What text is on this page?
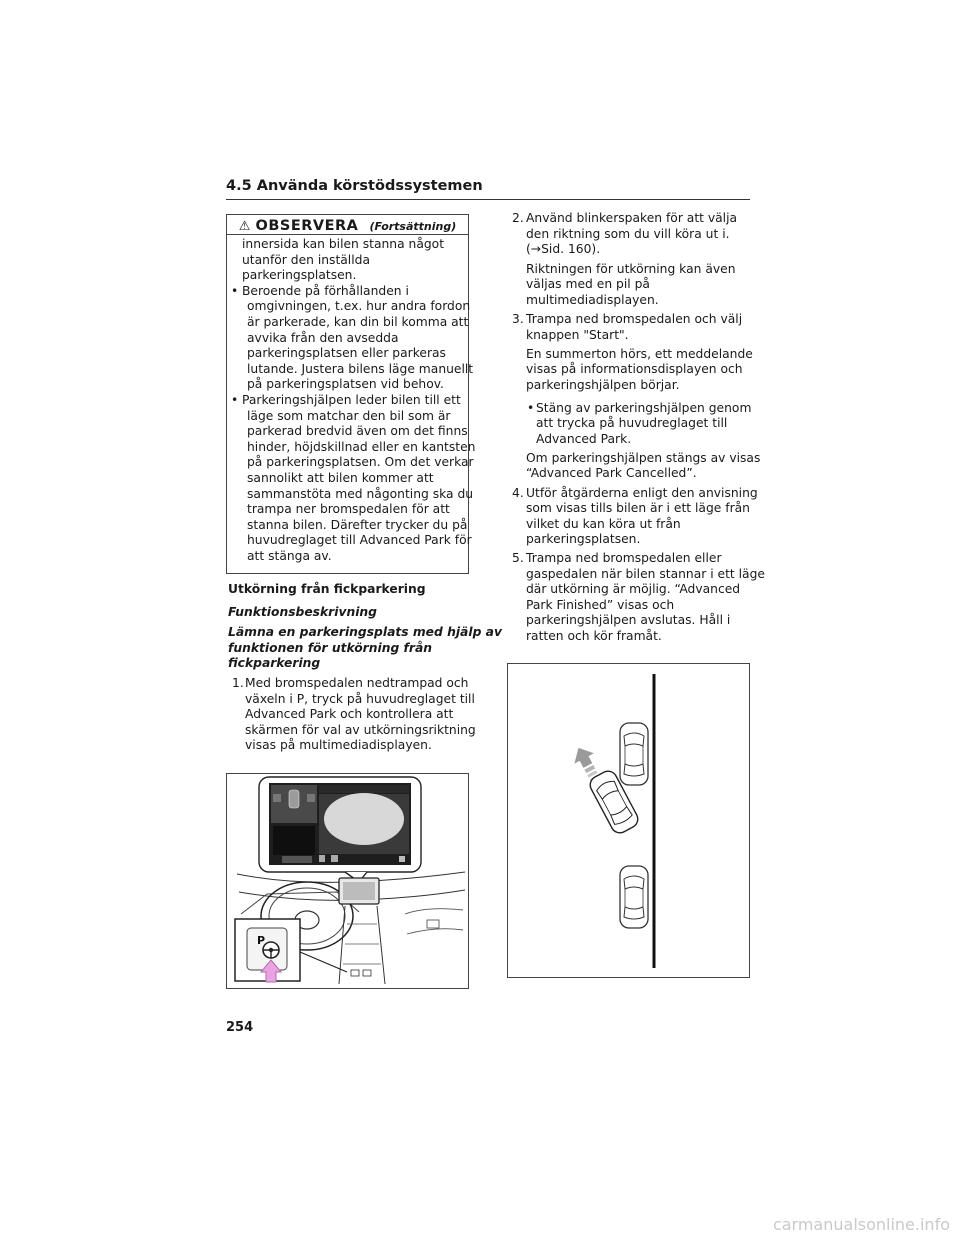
4.5 Använda körstödssystemen
⚠ OBSERVERA (Fortsättning)
innersida kan bilen stanna något
utanför den inställda
parkeringsplatsen.
• Beroende på förhållanden i
omgivningen, t.ex. hur andra fordon
är parkerade, kan din bil komma att
avvika från den avsedda
parkeringsplatsen eller parkeras
lutande. Justera bilens läge manuellt
på parkeringsplatsen vid behov.
• Parkeringshjälpen leder bilen till ett
läge som matchar den bil som är
parkerad bredvid även om det finns
hinder, höjdskillnad eller en kantsten
på parkeringsplatsen. Om det verkar
sannolikt att bilen kommer att
sammanstöta med någonting ska du
trampa ner bromspedalen för att
stanna bilen. Därefter trycker du på
huvudreglaget till Advanced Park för
att stänga av.
Utkörning från fickparkering
Funktionsbeskrivning
Lämna en parkeringsplats med hjälp av
funktionen för utkörning från
fickparkering
1. Med bromspedalen nedtrampad och
växeln i P, tryck på huvudreglaget till
Advanced Park och kontrollera att
skärmen för val av utkörningsriktning
visas på multimediadisplayen.
P
2. Använd blinkerspaken för att välja
den riktning som du vill köra ut i.
(→Sid. 160).
Riktningen för utkörning kan även
väljas med en pil på
multimediadisplayen.
3. Trampa ned bromspedalen och välj
knappen "Start".
En summerton hörs, ett meddelande
visas på informationsdisplayen och
parkeringshjälpen börjar.
• Stäng av parkeringshjälpen genom
att trycka på huvudreglaget till
Advanced Park.
Om parkeringshjälpen stängs av visas
“Advanced Park Cancelled”.
4. Utför åtgärderna enligt den anvisning
som visas tills bilen är i ett läge från
vilket du kan köra ut från
parkeringsplatsen.
5. Trampa ned bromspedalen eller
gaspedalen när bilen stannar i ett läge
där utkörning är möjlig. “Advanced
Park Finished” visas och
parkeringshjälpen avslutas. Håll i
ratten och kör framåt.
254
carmanualsonline.info
